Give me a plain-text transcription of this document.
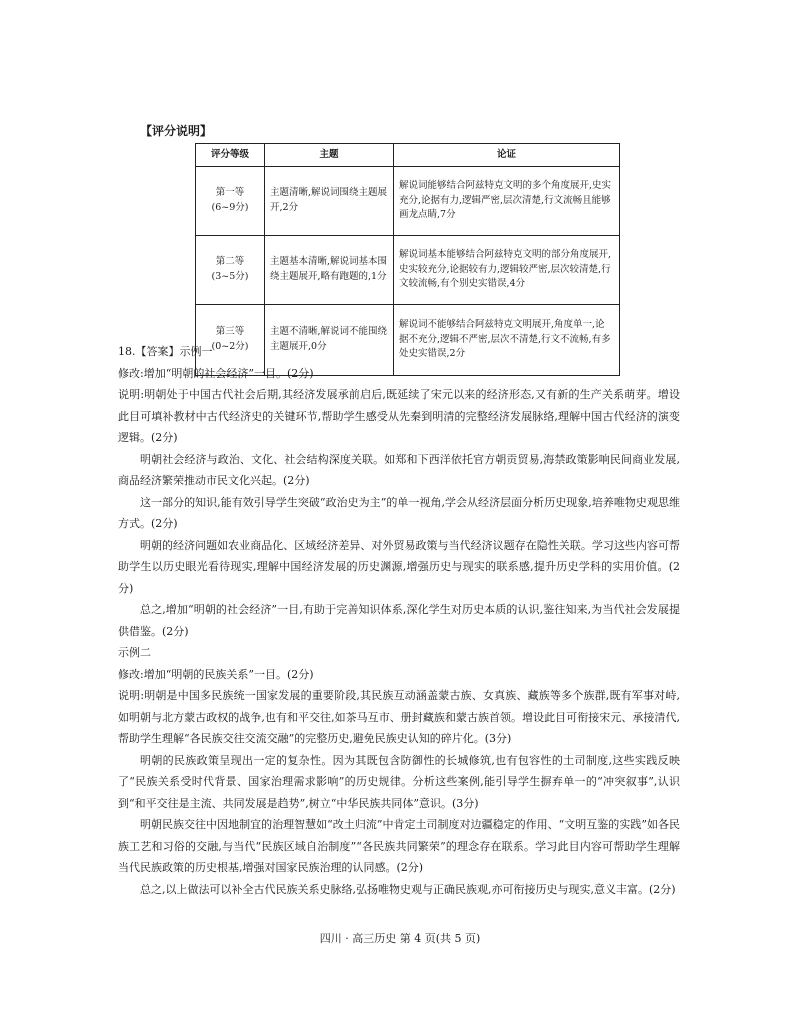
【评分说明】
评分等级	主题	论证

第一等
(6~9分)	主题清晰,解说词围绕主题展开,2分	解说词能够结合阿兹特克文明的多个角度展开,史实充分,论据有力,逻辑严密,层次清楚,行文流畅且能够画龙点睛,7分

第二等
(3~5分)	主题基本清晰,解说词基本围绕主题展开,略有跑题的,1分	解说词基本能够结合阿兹特克文明的部分角度展开,史实较充分,论据较有力,逻辑较严密,层次较清楚,行文较流畅,有个别史实错误,4分

第三等
(0~2分)	主题不清晰,解说词不能围绕主题展开,0分	解说词不能够结合阿兹特克文明展开,角度单一,论据不充分,逻辑不严密,层次不清楚,行文不流畅,有多处史实错误,2分

18.【答案】示例一

修改:增加“明朝的社会经济”一目。(2分)

说明:明朝处于中国古代社会后期,其经济发展承前启后,既延续了宋元以来的经济形态,又有新的生产关系萌芽。增设此目可填补教材中古代经济史的关键环节,帮助学生感受从先秦到明清的完整经济发展脉络,理解中国古代经济的演变逻辑。(2分)

明朝社会经济与政治、文化、社会结构深度关联。如郑和下西洋依托官方朝贡贸易,海禁政策影响民间商业发展,商品经济繁荣推动市民文化兴起。(2分)

这一部分的知识,能有效引导学生突破“政治史为主”的单一视角,学会从经济层面分析历史现象,培养唯物史观思维方式。(2分)

明朝的经济问题如农业商品化、区域经济差异、对外贸易政策与当代经济议题存在隐性关联。学习这些内容可帮助学生以历史眼光看待现实,理解中国经济发展的历史渊源,增强历史与现实的联系感,提升历史学科的实用价值。(2分)

总之,增加“明朝的社会经济”一目,有助于完善知识体系,深化学生对历史本质的认识,鉴往知来,为当代社会发展提供借鉴。(2分)

示例二

修改:增加“明朝的民族关系”一目。(2分)

说明:明朝是中国多民族统一国家发展的重要阶段,其民族互动涵盖蒙古族、女真族、藏族等多个族群,既有军事对峙,如明朝与北方蒙古政权的战争,也有和平交往,如茶马互市、册封藏族和蒙古族首领。增设此目可衔接宋元、承接清代,帮助学生理解“各民族交往交流交融”的完整历史,避免民族史认知的碎片化。(3分)

明朝的民族政策呈现出一定的复杂性。因为其既包含防御性的长城修筑,也有包容性的土司制度,这些实践反映了“民族关系受时代背景、国家治理需求影响”的历史规律。分析这些案例,能引导学生摒弃单一的“冲突叙事”,认识到“和平交往是主流、共同发展是趋势”,树立“中华民族共同体”意识。(3分)

明朝民族交往中因地制宜的治理智慧如“改土归流”中肯定土司制度对边疆稳定的作用、“文明互鉴的实践”如各民族工艺和习俗的交融,与当代“民族区域自治制度”“各民族共同繁荣”的理念存在联系。学习此目内容可帮助学生理解当代民族政策的历史根基,增强对国家民族治理的认同感。(2分)

总之,以上做法可以补全古代民族关系史脉络,弘扬唯物史观与正确民族观,亦可衔接历史与现实,意义丰富。(2分)

四川 · 高三历史 第 4 页(共 5 页)
